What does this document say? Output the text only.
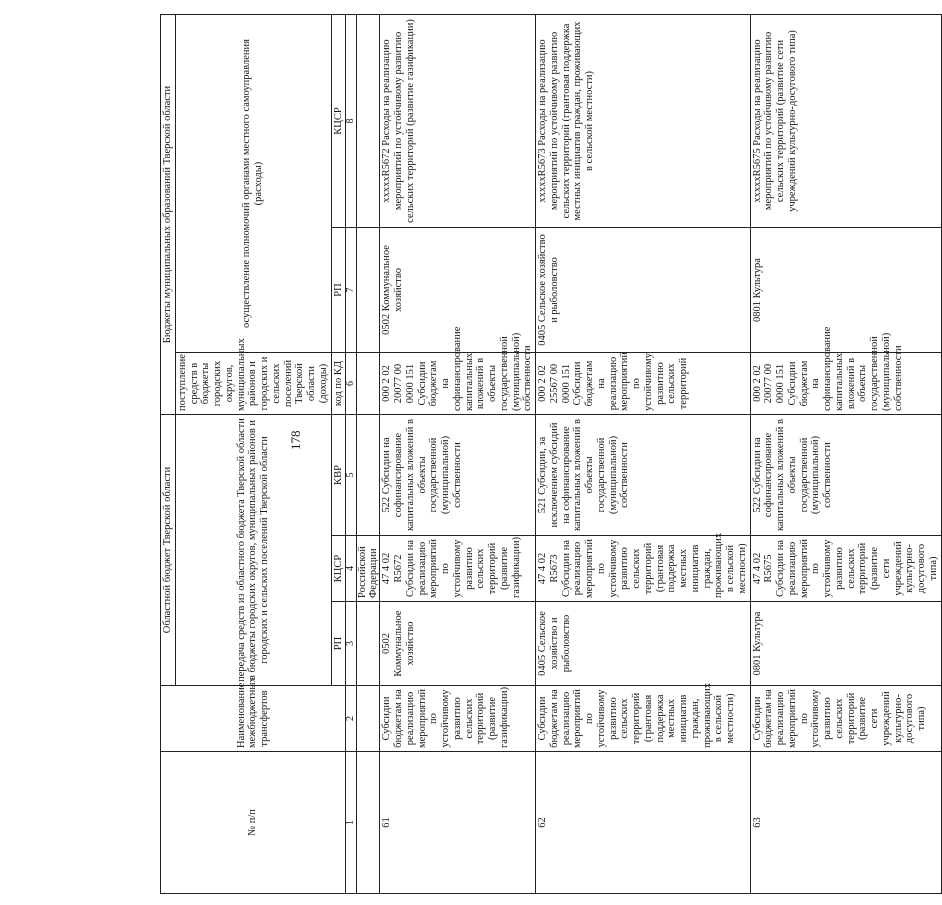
178
№ п/п	Наименование межбюджетных трансфертов	Областной бюджет Тверской области			Бюджеты муниципальных образований Тверской области		
		передача средств из областного бюджета Тверской области в бюджеты городских округов, муниципальных районов и городских и сельских поселений Тверской области			поступление средств в бюджеты городских округов, муниципальных районов и городских и сельских поселений Тверской области (доходы)	осуществление полномочий органами местного самоуправления (расходы)	
		РП	КЦСР	КВР	код по КД	РП	КЦСР
1	2	3	4	5	6	7	8
			Российской Федерации				
61	Субсидии бюджетам на реализацию мероприятий по устойчивому развитию сельских территорий (развитие газификации)	0502 Коммунальное хозяйство	47 4 02 R5672 Субсидии на реализацию мероприятий по устойчивому развитию сельских территорий (развитие газификации)	522 Субсидии на софинансирование капитальных вложений в объекты государственной (муниципальной) собственности	000 2 02 20077 00 0000 151 Субсидии бюджетам на софинансирование капитальных вложений в объекты государственной (муниципальной) собственности	0502 Коммунальное хозяйство	xxxxxR5672 Расходы на реализацию мероприятий по устойчивому развитию сельских территорий (развитие газификации)
62	Субсидии бюджетам на реализацию мероприятий по устойчивому развитию сельских территорий (грантовая поддержка местных инициатив граждан, проживающих в сельской местности)	0405 Сельское хозяйство и рыболовство	47 4 02 R5673 Субсидии на реализацию мероприятий по устойчивому развитию сельских территорий (грантовая поддержка местных инициатив граждан, проживающих в сельской местности)	521 Субсидии, за исключением субсидий на софинансирование капитальных вложений в объекты государственной (муниципальной) собственности	000 2 02 25567 00 0000 151 Субсидии бюджетам на реализацию мероприятий по устойчивому развитию сельских территорий	0405 Сельское хозяйство и рыболовство	xxxxxR5673 Расходы на реализацию мероприятий по устойчивому развитию сельских территорий (грантовая поддержка местных инициатив граждан, проживающих в сельской местности)
63	Субсидии бюджетам на реализацию мероприятий по устойчивому развитию сельских территорий (развитие сети учреждений культурно-досугового типа)	0801 Культура	47 4 02 R5675 Субсидии на реализацию мероприятий по устойчивому развитию сельских территорий (развитие сети учреждений культурно-досугового типа)	522 Субсидии на софинансирование капитальных вложений в объекты государственной (муниципальной) собственности	000 2 02 20077 00 0000 151 Субсидии бюджетам на софинансирование капитальных вложений в объекты государственной (муниципальной) собственности	0801 Культура	xxxxxR5675 Расходы на реализацию мероприятий по устойчивому развитию сельских территорий (развитие сети учреждений культурно-досугового типа)
